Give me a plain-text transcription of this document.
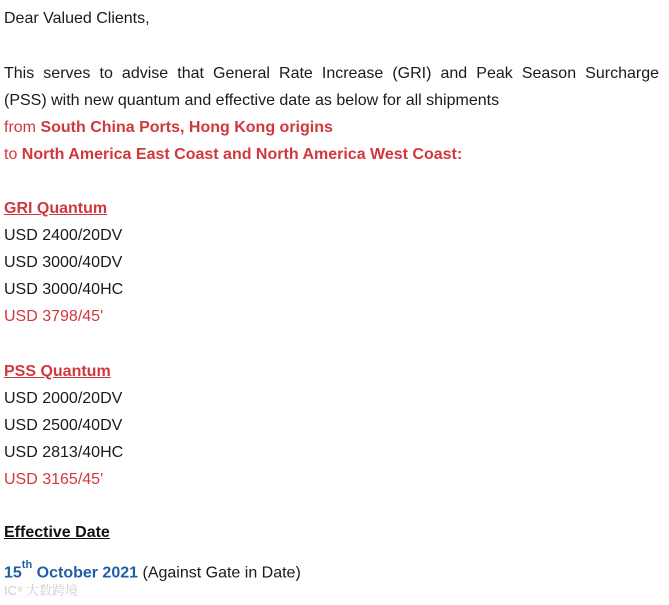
Dear Valued Clients,
This serves to advise that General Rate Increase (GRI) and Peak Season Surcharge
(PSS) with new quantum and effective date as below for all shipments
from South China Ports, Hong Kong origins
to North America East Coast and North America West Coast:
GRI Quantum
USD 2400/20DV
USD 3000/40DV
USD 3000/40HC
USD 3798/45'
PSS Quantum
USD 2000/20DV
USD 2500/40DV
USD 2813/40HC
USD 3165/45'
Effective Date
15th October 2021 (Against Gate in Date)
IC⁹ 大数跨境
